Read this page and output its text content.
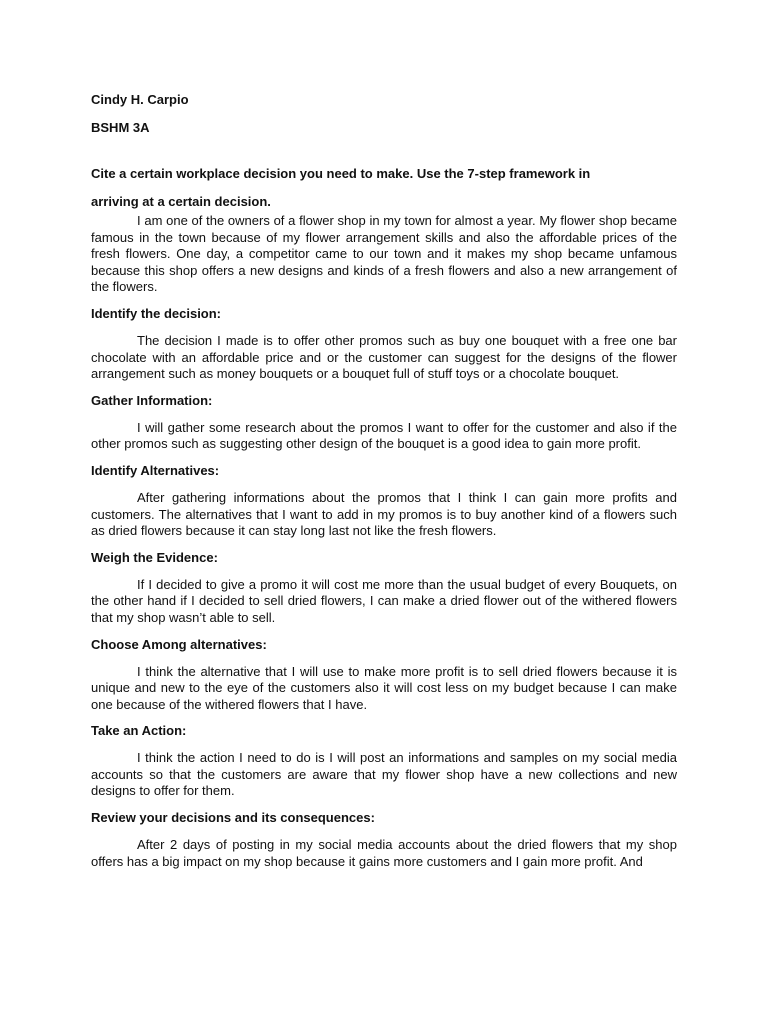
Cindy H. Carpio

BSHM 3A

Cite a certain workplace decision you need to make. Use the 7-step framework in
arriving at a certain decision.

I am one of the owners of a flower shop in my town for almost a year. My flower shop became famous in the town because of my flower arrangement skills and also the affordable prices of the fresh flowers. One day, a competitor came to our town and it makes my shop became unfamous because this shop offers a new designs and kinds of a fresh flowers and also a new arrangement of the flowers.

Identify the decision:

The decision I made is to offer other promos such as buy one bouquet with a free one bar chocolate with an affordable price and or the customer can suggest for the designs of the flower arrangement such as money bouquets or a bouquet full of stuff toys or a chocolate bouquet.

Gather Information:

I will gather some research about the promos I want to offer for the customer and also if the other promos such as suggesting other design of the bouquet is a good idea to gain more profit.

Identify Alternatives:

After gathering informations about the promos that I think I can gain more profits and customers. The alternatives that I want to add in my promos is to buy another kind of a flowers such as dried flowers because it can stay long last not like the fresh flowers.

Weigh the Evidence:

If I decided to give a promo it will cost me more than the usual budget of every Bouquets, on the other hand if I decided to sell dried flowers, I can make a dried flower out of the withered flowers that my shop wasn’t able to sell.

Choose Among alternatives:

I think the alternative that I will use to make more profit is to sell dried flowers because it is unique and new to the eye of the customers also it will cost less on my budget because I can make one because of the withered flowers that I have.

Take an Action:

I think the action I need to do is I will post an informations and samples on my social media accounts so that the customers are aware that my flower shop have a new collections and new designs to offer for them.

Review your decisions and its consequences:

After 2 days of posting in my social media accounts about the dried flowers that my shop offers has a big impact on my shop because it gains more customers and I gain more profit. And
